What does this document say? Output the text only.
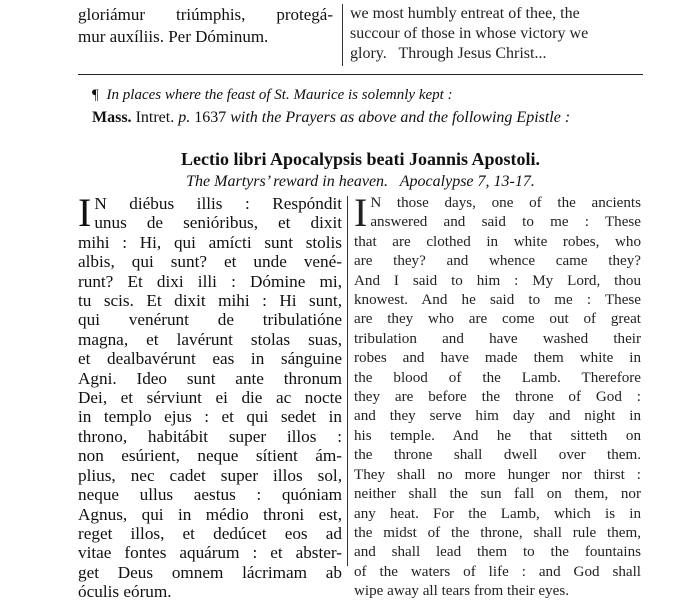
gloriámur triúmphis, protegá-
mur auxíliis. Per Dóminum.
we most humbly entreat of thee, the
succour of those in whose victory we
glory.   Through Jesus Christ...
¶ In places where the feast of St. Maurice is solemnly kept :
Mass. Intret. p. 1637 with the Prayers as above and the following Epistle :
Lectio libri Apocalypsis beati Joannis Apostoli.
The Martyrs’ reward in heaven.   Apocalypse 7, 13-17.
I N diébus illis : Respóndit
unus de senióribus, et dixit
mihi : Hi, qui amícti sunt stolis
albis, qui sunt? et unde vené-
runt? Et dixi illi : Dómine mi,
tu scis. Et dixit mihi : Hi sunt,
qui venérunt de tribulatióne
magna, et lavérunt stolas suas,
et dealbavérunt eas in sánguine
Agni. Ideo sunt ante thronum
Dei, et sérviunt ei die ac nocte
in templo ejus : et qui sedet in
throno, habitábit super illos :
non esúrient, neque sítient ám-
plius, nec cadet super illos sol,
neque ullus aestus : quóniam
Agnus, qui in médio throni est,
reget illos, et dedúcet eos ad
vitae fontes aquárum : et abster-
get Deus omnem lácrimam ab
óculis eórum.
I N those days, one of the ancients
answered and said to me : These
that are clothed in white robes, who
are they? and whence came they?
And I said to him : My Lord, thou
knowest. And he said to me : These
are they who are come out of great
tribulation and have washed their
robes and have made them white in
the blood of the Lamb. Therefore
they are before the throne of God :
and they serve him day and night in
his temple. And he that sitteth on
the throne shall dwell over them.
They shall no more hunger nor thirst :
neither shall the sun fall on them, nor
any heat. For the Lamb, which is in
the midst of the throne, shall rule them,
and shall lead them to the fountains
of the waters of life : and God shall
wipe away all tears from their eyes.
